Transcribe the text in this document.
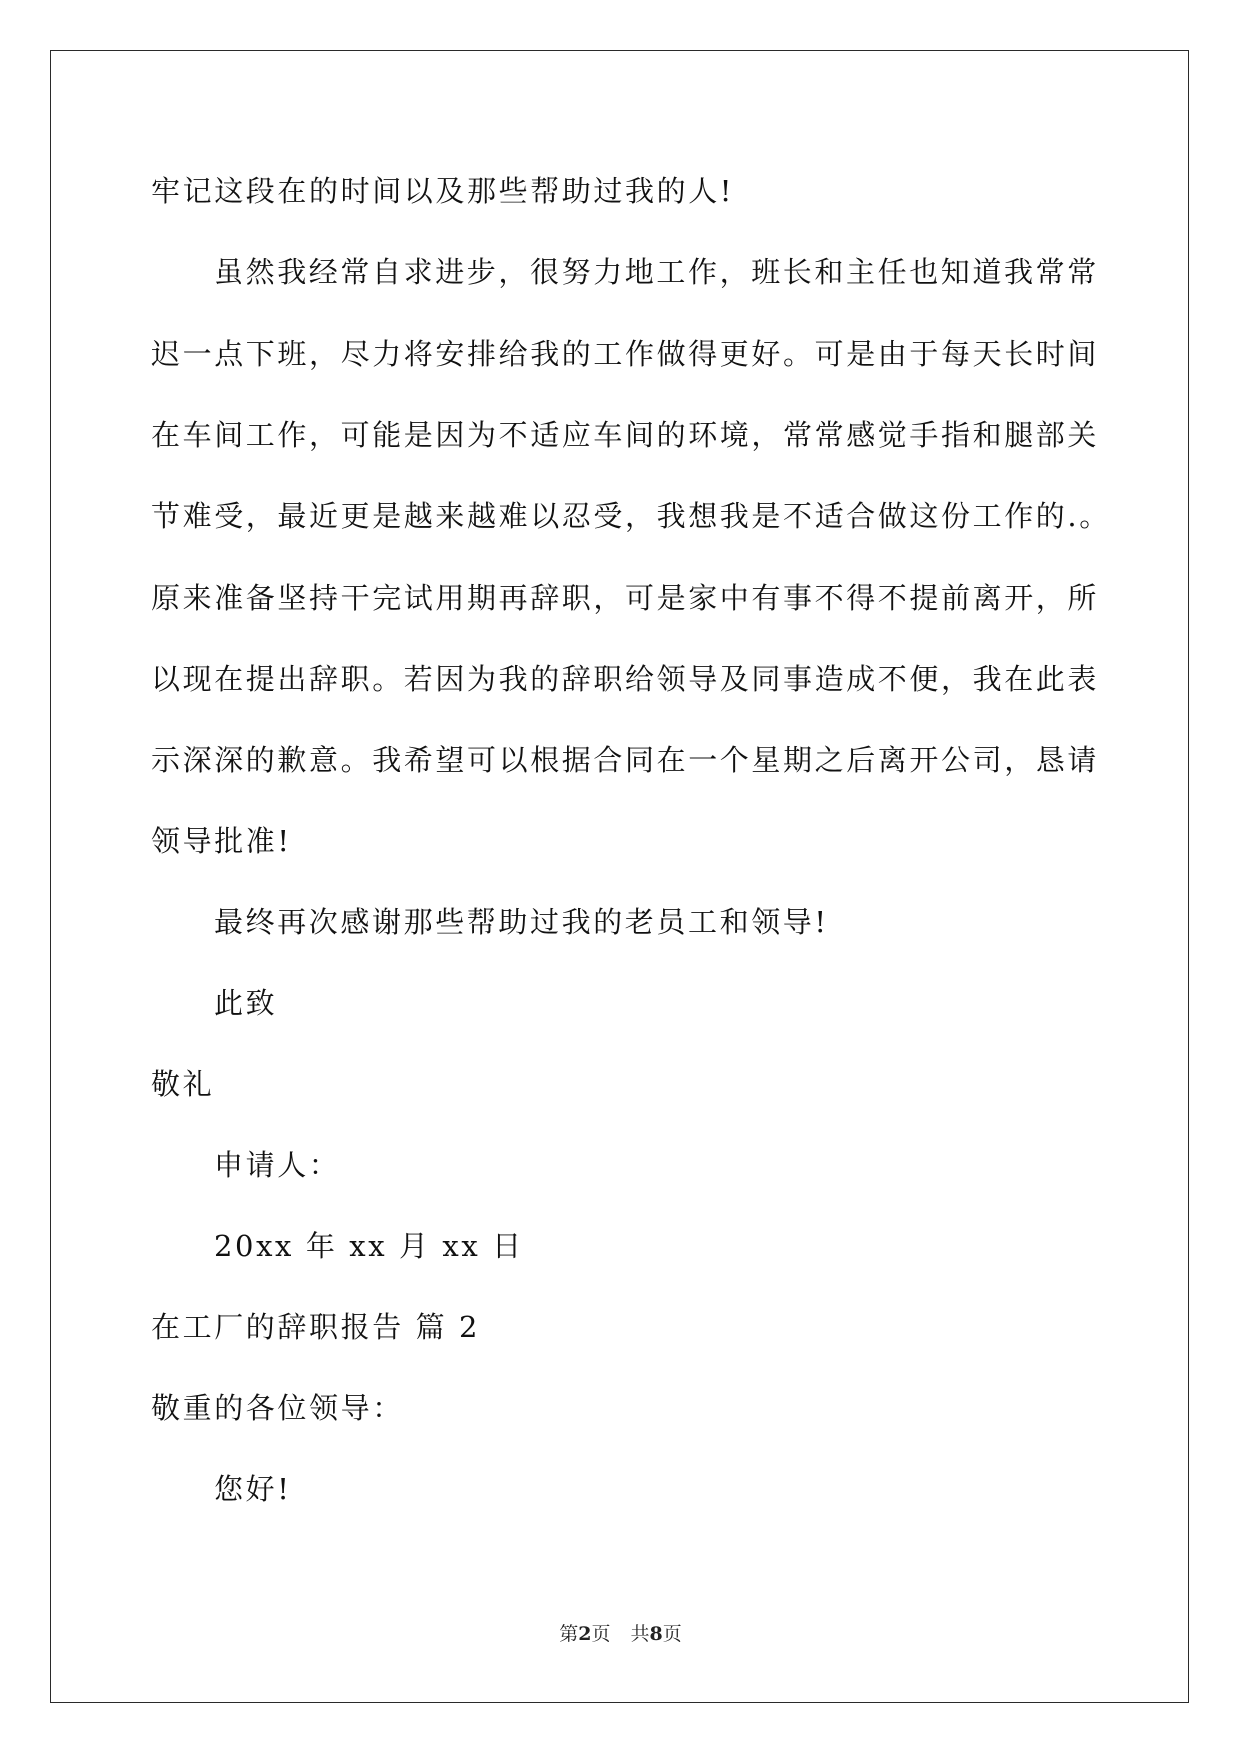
牢记这段在的时间以及那些帮助过我的人!
虽然我经常自求进步，很努力地工作，班长和主任也知道我常常
迟一点下班，尽力将安排给我的工作做得更好。可是由于每天长时间
在车间工作，可能是因为不适应车间的环境，常常感觉手指和腿部关
节难受，最近更是越来越难以忍受，我想我是不适合做这份工作的.。
原来准备坚持干完试用期再辞职，可是家中有事不得不提前离开，所
以现在提出辞职。若因为我的辞职给领导及同事造成不便，我在此表
示深深的歉意。我希望可以根据合同在一个星期之后离开公司，恳请
领导批准!
最终再次感谢那些帮助过我的老员工和领导!
此致
敬礼
申请人：
20xx 年 xx 月 xx 日
在工厂的辞职报告 篇 2
敬重的各位领导：
您好!
第2页 共8页
